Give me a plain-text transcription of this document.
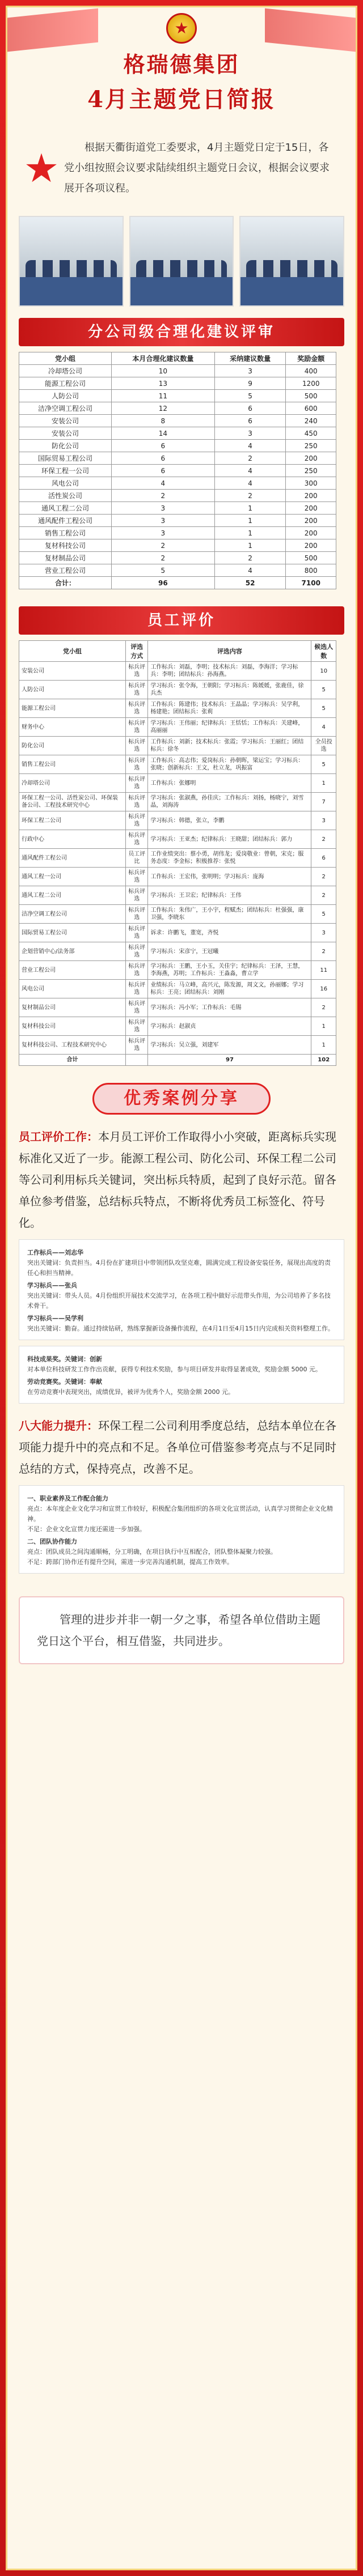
★
格瑞德集团
4月主题党日简报
★	根据天衢街道党工委要求，4月主题党日定于15日，各党小组按照会议要求陆续组织主题党日会议，根据会议要求展开各项议程。
分公司级合理化建议评审
党小组	本月合理化建议数量	采纳建议数量	奖励金额
冷却塔公司	10	3	400
能源工程公司	13	9	1200
人防公司	11	5	500
洁净空调工程公司	12	6	600
安装公司	8	6	240
安装公司	14	3	450
防化公司	6	4	250
国际贸易工程公司	6	2	200
环保工程一公司	6	4	250
风电公司	4	4	300
活性炭公司	2	2	200
通风工程二公司	3	1	200
通风配件工程公司	3	1	200
销售工程公司	3	1	200
复材科技公司	2	1	200
复材制品公司	2	2	500
营业工程公司	5	4	800
合计：	96	52	7100
员工评价
党小组	评选方式	评选内容	候选人数
安装公司	标兵评选	工作标兵：刘磊，李明；技术标兵：刘磊，李海洋；学习标兵：李明；团结标兵：孙海燕。	10
人防公司	标兵评选	学习标兵：张令海，王朝阳；学习标兵：陈媛媛，张鹿佳，徐兵杰	5
能源工程公司	标兵评选	工作标兵：陈建伟；技术标兵：王晶晶；学习标兵：吴学利，杨建艳；团结标兵：张莉	5
财务中心	标兵评选	学习标兵：王伟丽；纪律标兵：王恬恬；工作标兵：关建峰，高丽丽	4
防化公司	标兵评选	工作标兵：刘新；技术标兵：张霞；学习标兵：王丽红；团结标兵：徐冬	全员投选
销售工程公司	标兵评选	工作标兵：高志伟；爱岗标兵：孙朝晖，梁运宝；学习标兵：张晓；创新标兵：王文，杜立龙，巩振富	5
冷却塔公司	标兵评选	工作标兵：张娜明	1
环保工程一公司、活性炭公司、环保装备公司、工程技术研究中心	标兵评选	学习标兵：张淑燕，孙佳庆；工作标兵：刘扬，杨晓宁，刘雪晶，刘海涛	7
环保工程二公司	标兵评选	学习标兵：韩德，张立，李鹏	3
行政中心	标兵评选	学习标兵：王亚杰；纪律标兵：王晓甜；团结标兵：郭力	2
通风配件工程公司	员工评比	工作业绩突出：蔡小勇，胡伟龙；爱岗敬业：曾朝，宋克；服务态度：李金标；积极推荐：张悦	6
通风工程一公司	标兵评选	工作标兵：王宏伟，张明明；学习标兵：庞海	2
通风工程二公司	标兵评选	学习标兵：王卫宏；纪律标兵：王伟	2
洁净空调工程公司	标兵评选	工作标兵：朱伟广，王小宇，程赋杰；团结标兵：杜强强，康卫强，李晓东	5
国际贸易工程公司	标兵评选	诉求：许鹏飞，董宽，齐悦	3
企划营销中心/法务部	标兵评选	学习标兵：宋彦宁，王冠曦	2
营业工程公司	标兵评选	学习标兵：王鹏，王小玉，关佳宇；纪律标兵：王泽，王慧，李海燕，苏明；工作标兵：王淼淼，曹立学	11
风电公司	标兵评选	业绩标兵：马立峰，高兴元，陈发源，周文文，孙丽娜；学习标兵：王亮；团结标兵：刘刚	16
复材制品公司	标兵评选	学习标兵：冯小军；工作标兵：毛锡	2
复材科技公司	标兵评选	学习标兵：赵淑贞	1
复材科技公司、工程技术研究中心	标兵评选	学习标兵：吴立强，刘建军	1
合计		97	102
优秀案例分享
员工评价工作：本月员工评价工作取得小小突破，距离标兵实现标准化又近了一步。能源工程公司、防化公司、环保工程二公司等公司利用标兵关键词，突出标兵特质，起到了良好示范。留各单位参考借鉴，总结标兵特点，不断将优秀员工标签化、符号化。
工作标兵——刘志华
突出关键词：负责担当。4月份在扩建项目中带领团队攻坚克难，圆满完成工程设备安装任务，展现出高度的责任心和担当精神。
学习标兵——张兵
突出关键词：带头人员。4月份组织开展技术交流学习，在各项工程中做好示范带头作用，为公司培养了多名技术骨干。
学习标兵——吴学利
突出关键词：勤奋。通过持续钻研，熟练掌握新设备操作流程，在4月1日至4月15日内完成相关资料整理工作。
科技成果奖。关键词：创新
对本单位科技研发工作作出贡献，获得专利技术奖励，参与项目研发并取得显著成效，奖励金额 5000 元。
劳动竞赛奖。关键词：奉献
在劳动竞赛中表现突出，成绩优异，被评为优秀个人，奖励金额 2000 元。
八大能力提升：环保工程二公司利用季度总结，总结本单位在各项能力提升中的亮点和不足。各单位可借鉴参考亮点与不足同时总结的方式，保持亮点，改善不足。
一、职业素养及工作配合能力
亮点：本年度企业文化学习和宣贯工作较好，积极配合集团组织的各项文化宣贯活动，认真学习贯彻企业文化精神。
不足：企业文化宣贯力度还需进一步加强。
二、团队协作能力
亮点：团队成员之间沟通顺畅，分工明确，在项目执行中互相配合，团队整体凝聚力较强。
不足：跨部门协作还有提升空间，需进一步完善沟通机制，提高工作效率。
管理的进步并非一朝一夕之事，希望各单位借助主题党日这个平台，相互借鉴，共同进步。
